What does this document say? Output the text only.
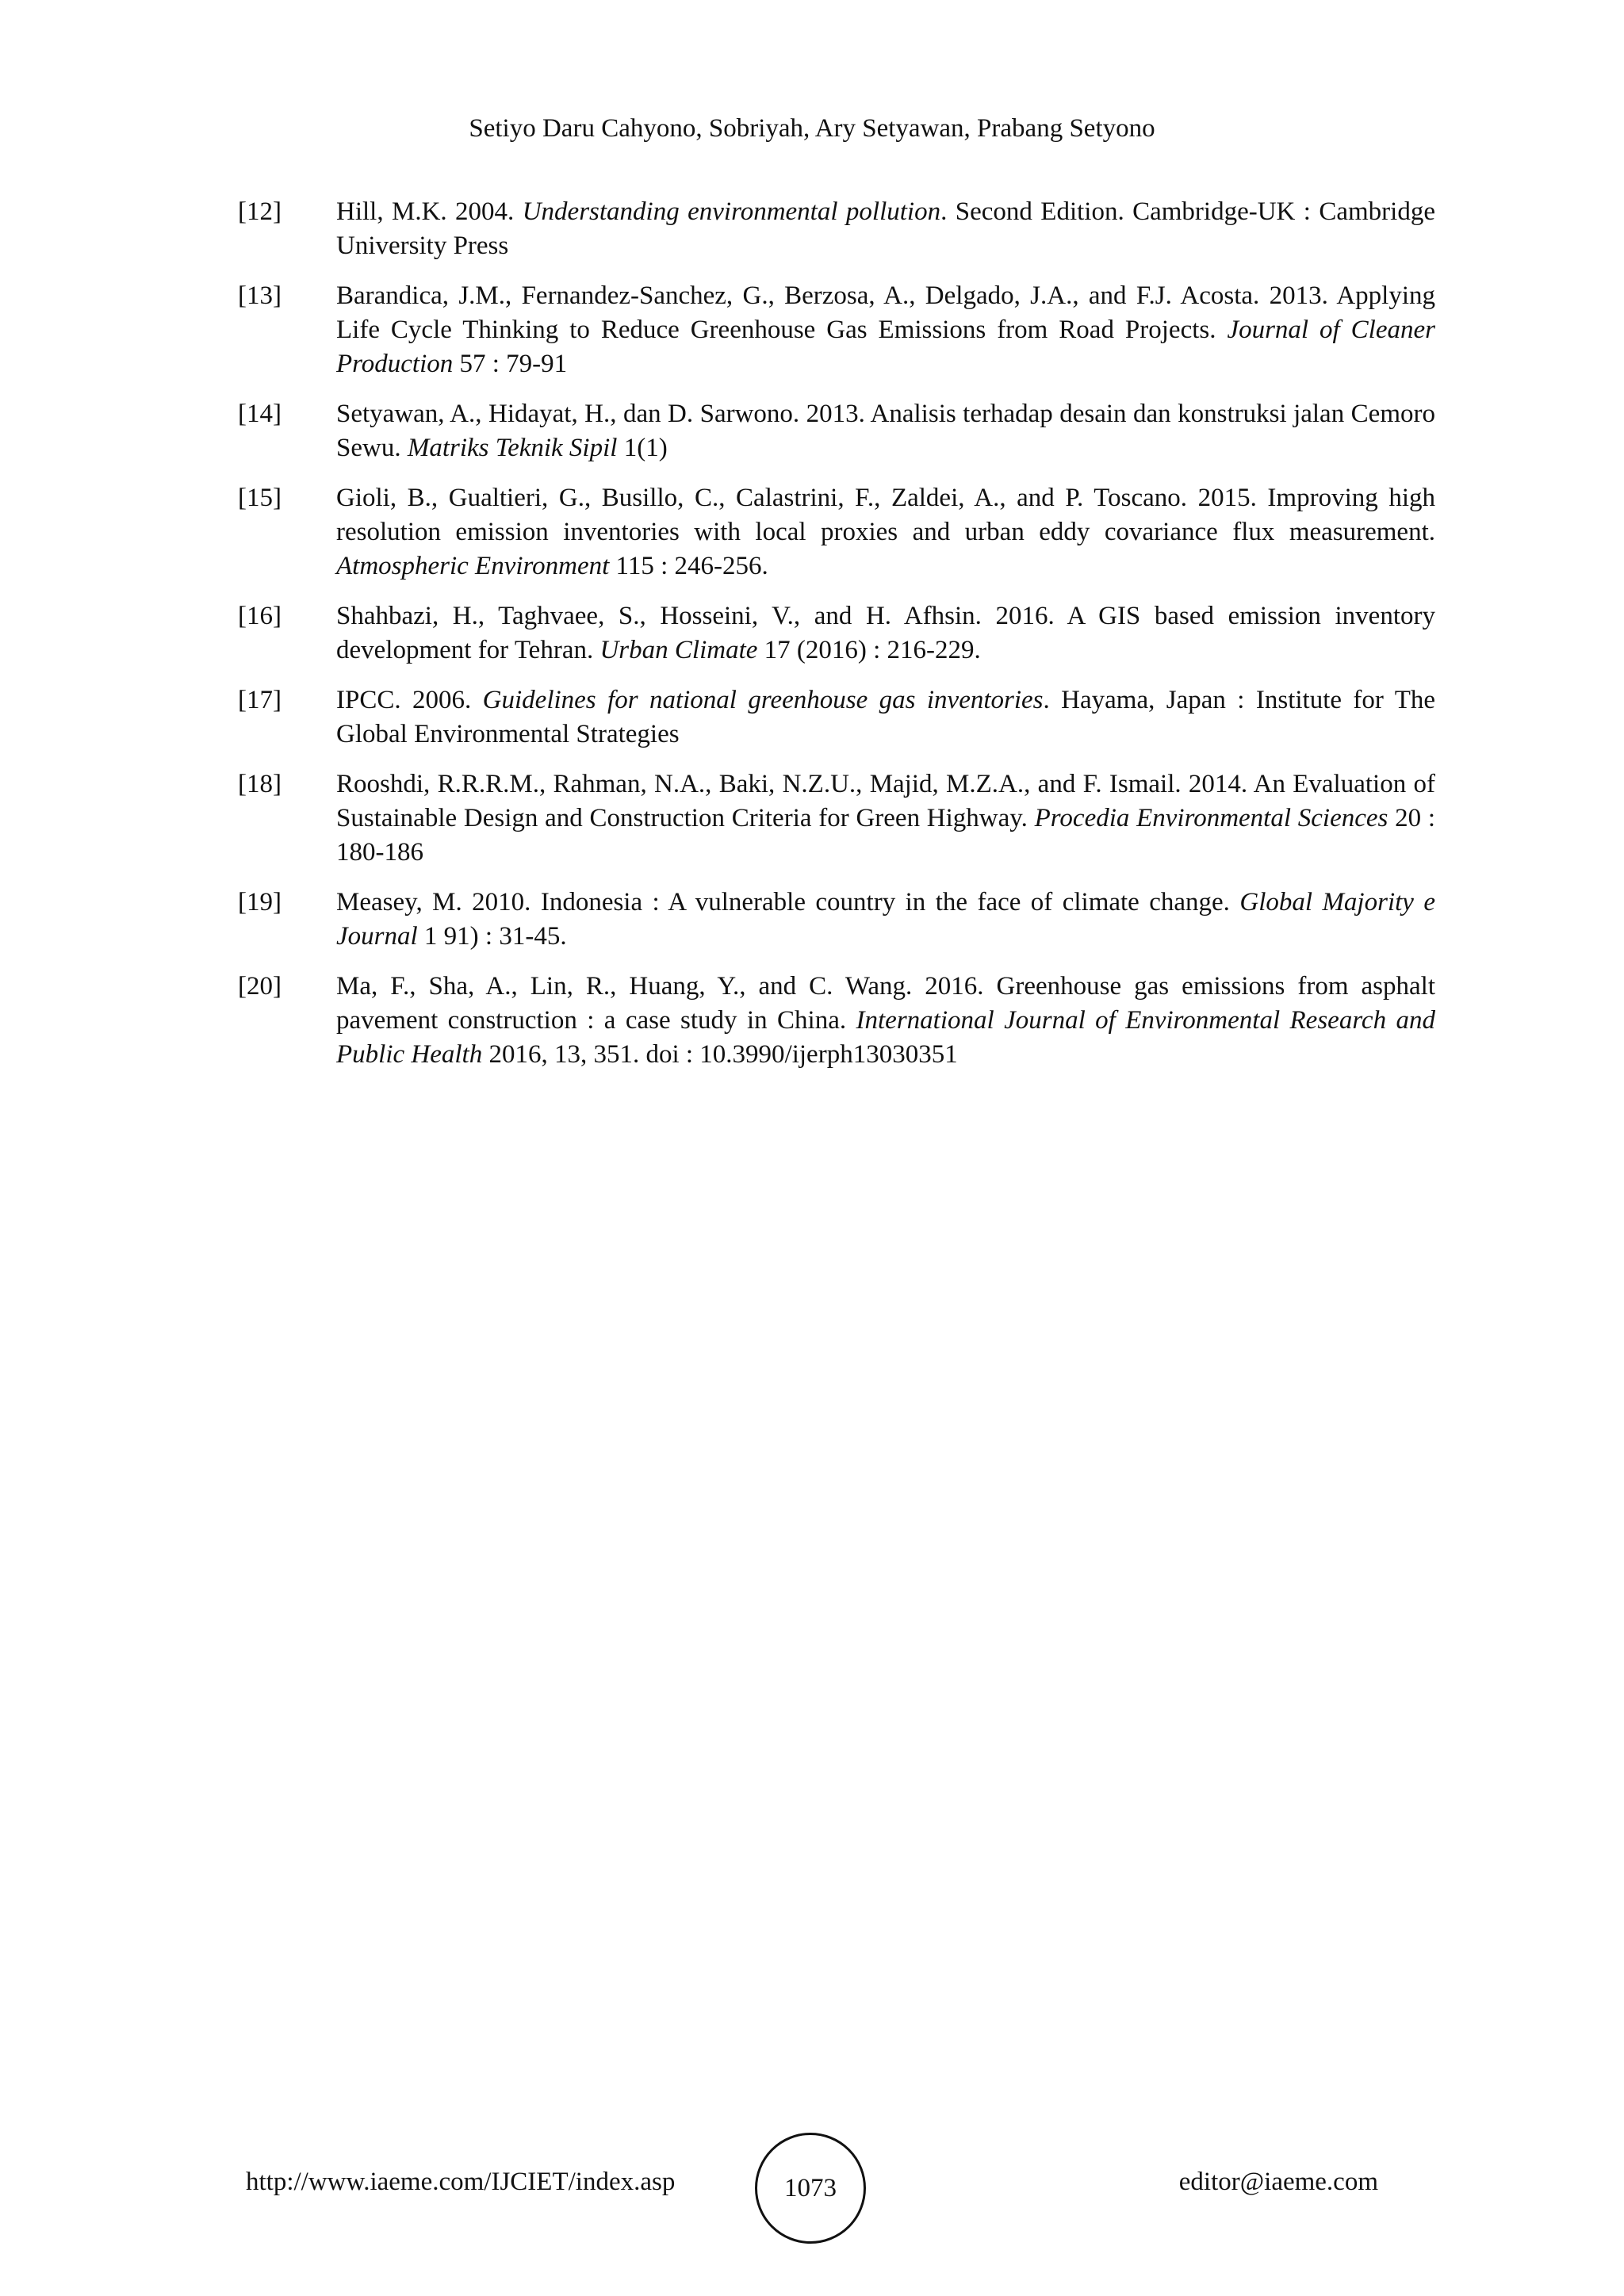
Setiyo Daru Cahyono, Sobriyah, Ary Setyawan, Prabang Setyono
[12] Hill, M.K. 2004. Understanding environmental pollution. Second Edition. Cambridge-UK : Cambridge University Press
[13] Barandica, J.M., Fernandez-Sanchez, G., Berzosa, A., Delgado, J.A., and F.J. Acosta. 2013. Applying Life Cycle Thinking to Reduce Greenhouse Gas Emissions from Road Projects. Journal of Cleaner Production 57 : 79-91
[14] Setyawan, A., Hidayat, H., dan D. Sarwono. 2013. Analisis terhadap desain dan konstruksi jalan Cemoro Sewu. Matriks Teknik Sipil 1(1)
[15] Gioli, B., Gualtieri, G., Busillo, C., Calastrini, F., Zaldei, A., and P. Toscano. 2015. Improving high resolution emission inventories with local proxies and urban eddy covariance flux measurement. Atmospheric Environment 115 : 246-256.
[16] Shahbazi, H., Taghvaee, S., Hosseini, V., and H. Afhsin. 2016. A GIS based emission inventory development for Tehran. Urban Climate 17 (2016) : 216-229.
[17] IPCC. 2006. Guidelines for national greenhouse gas inventories. Hayama, Japan : Institute for The Global Environmental Strategies
[18] Rooshdi, R.R.R.M., Rahman, N.A., Baki, N.Z.U., Majid, M.Z.A., and F. Ismail. 2014. An Evaluation of Sustainable Design and Construction Criteria for Green Highway. Procedia Environmental Sciences 20 : 180-186
[19] Measey, M. 2010. Indonesia : A vulnerable country in the face of climate change. Global Majority e Journal 1 91) : 31-45.
[20] Ma, F., Sha, A., Lin, R., Huang, Y., and C. Wang. 2016. Greenhouse gas emissions from asphalt pavement construction : a case study in China. International Journal of Environmental Research and Public Health 2016, 13, 351. doi : 10.3990/ijerph13030351
http://www.iaeme.com/IJCIET/index.asp	1073	editor@iaeme.com
